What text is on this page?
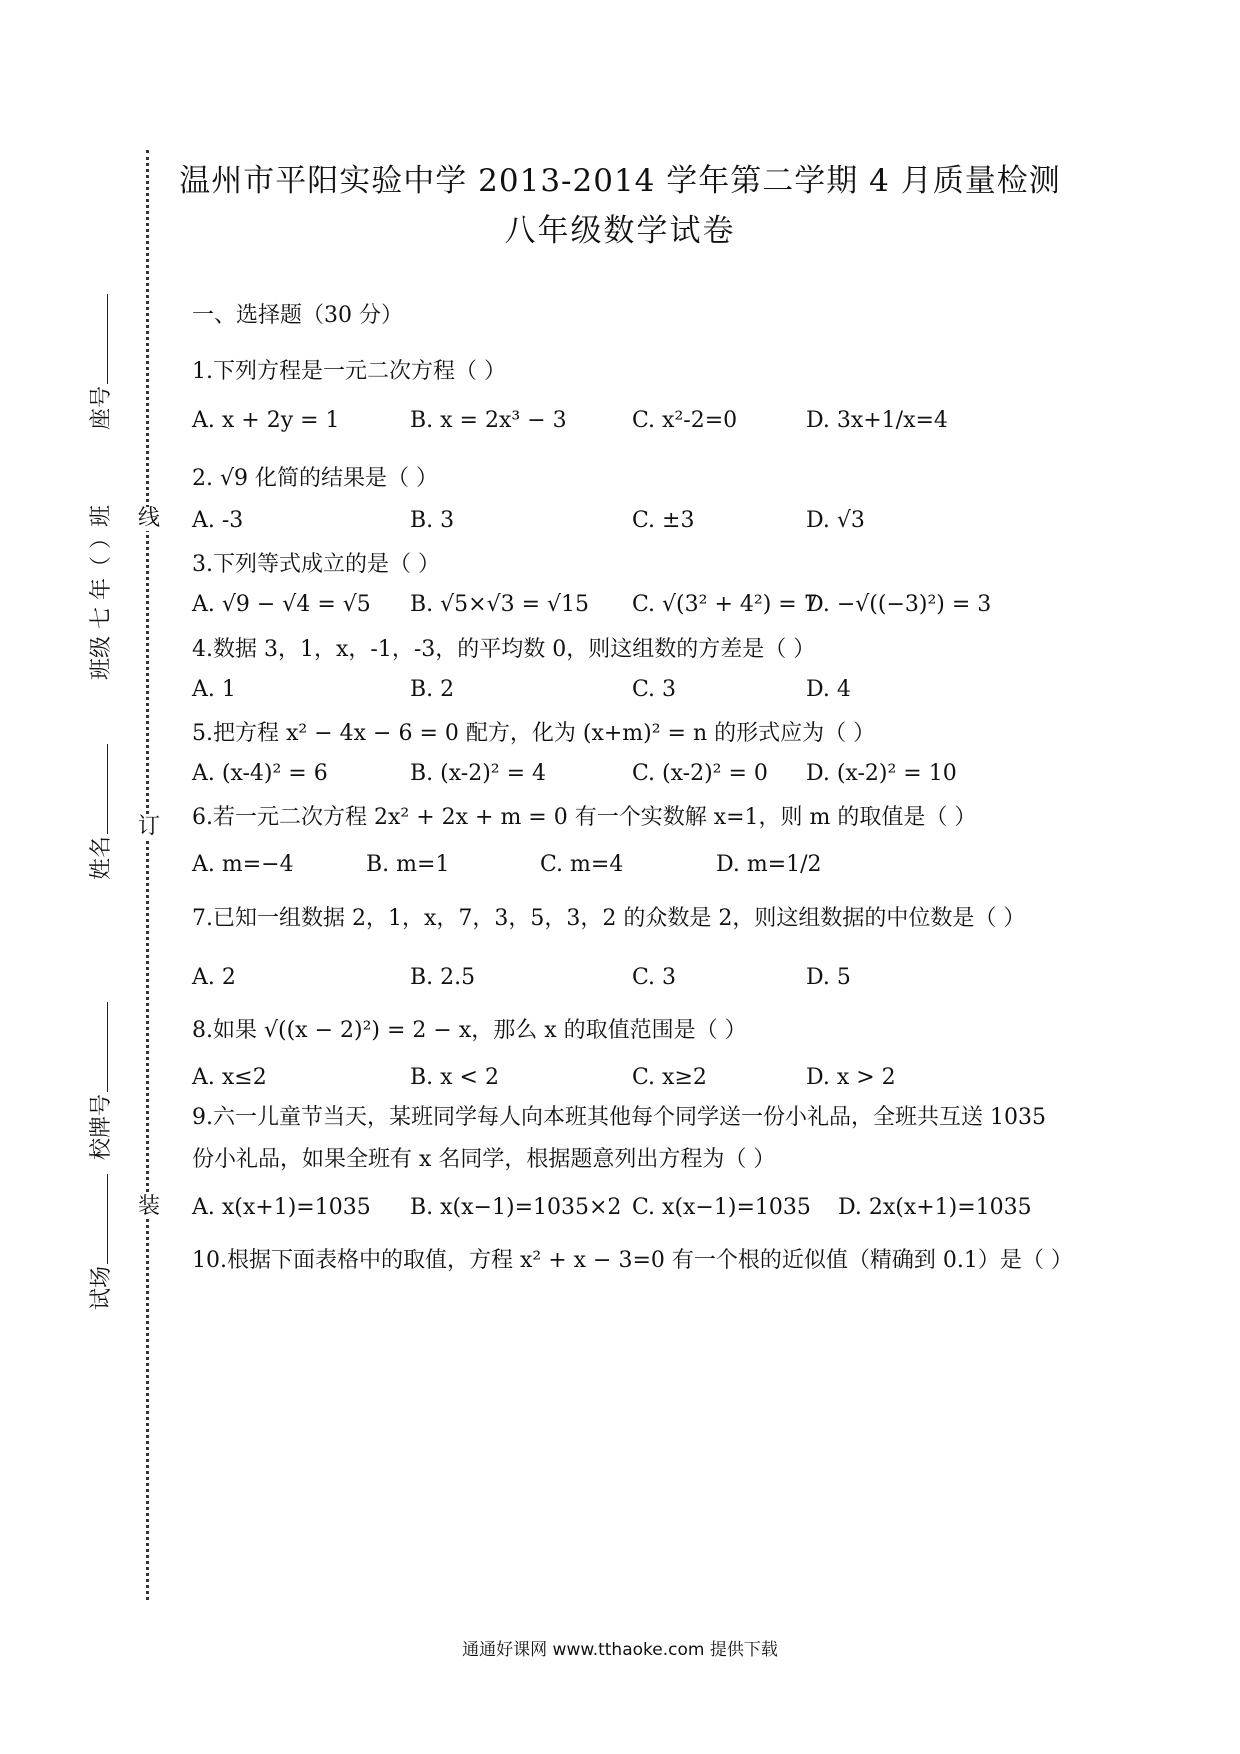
温州市平阳实验中学 2013-2014 学年第二学期 4 月质量检测
八年级数学试卷
座号
班级 七 年（ ）班
姓名
校牌号
试场
线
订
装
一、选择题（30 分）
1.下列方程是一元二次方程（ ）
A. x + 2y = 1	B. x = 2x³ − 3	C. x²-2=0	D. 3x+1/x=4
2. √9 化简的结果是（ ）
A. -3	B. 3	C. ±3	D. √3
3.下列等式成立的是（ ）
A. √9 − √4 = √5 B. √5×√3 = √15 C. √(3² + 4²) = 7
D. −√((−3)²) = 3
4.数据 3，1，x，-1，-3，的平均数 0，则这组数的方差是（ ）
A. 1	B. 2	C. 3	D. 4
5.把方程 x² − 4x − 6 = 0 配方，化为 (x+m)² = n 的形式应为（ ）
A. (x-4)² = 6	B. (x-2)² = 4	C. (x-2)² = 0 D. (x-2)² = 10
6.若一元二次方程 2x² + 2x + m = 0 有一个实数解 x=1，则 m 的取值是（ ）
A. m=−4	B. m=1	C. m=4	D. m=1/2
7.已知一组数据 2，1，x，7，3，5，3，2 的众数是 2，则这组数据的中位数是（ ）
A. 2	B. 2.5	C. 3	D. 5
8.如果 √((x − 2)²) = 2 − x，那么 x 的取值范围是（ ）
A. x≤2	B. x < 2	C. x≥2	D. x > 2
9.六一儿童节当天，某班同学每人向本班其他每个同学送一份小礼品，全班共互送 1035 份小礼品，如果全班有 x 名同学，根据题意列出方程为（ ）
A. x(x+1)=1035 B. x(x−1)=1035×2 C. x(x−1)=1035 D. 2x(x+1)=1035
10.根据下面表格中的取值，方程 x² + x − 3=0 有一个根的近似值（精确到 0.1）是（ ）
通通好课网 www.tthaoke.com 提供下载
